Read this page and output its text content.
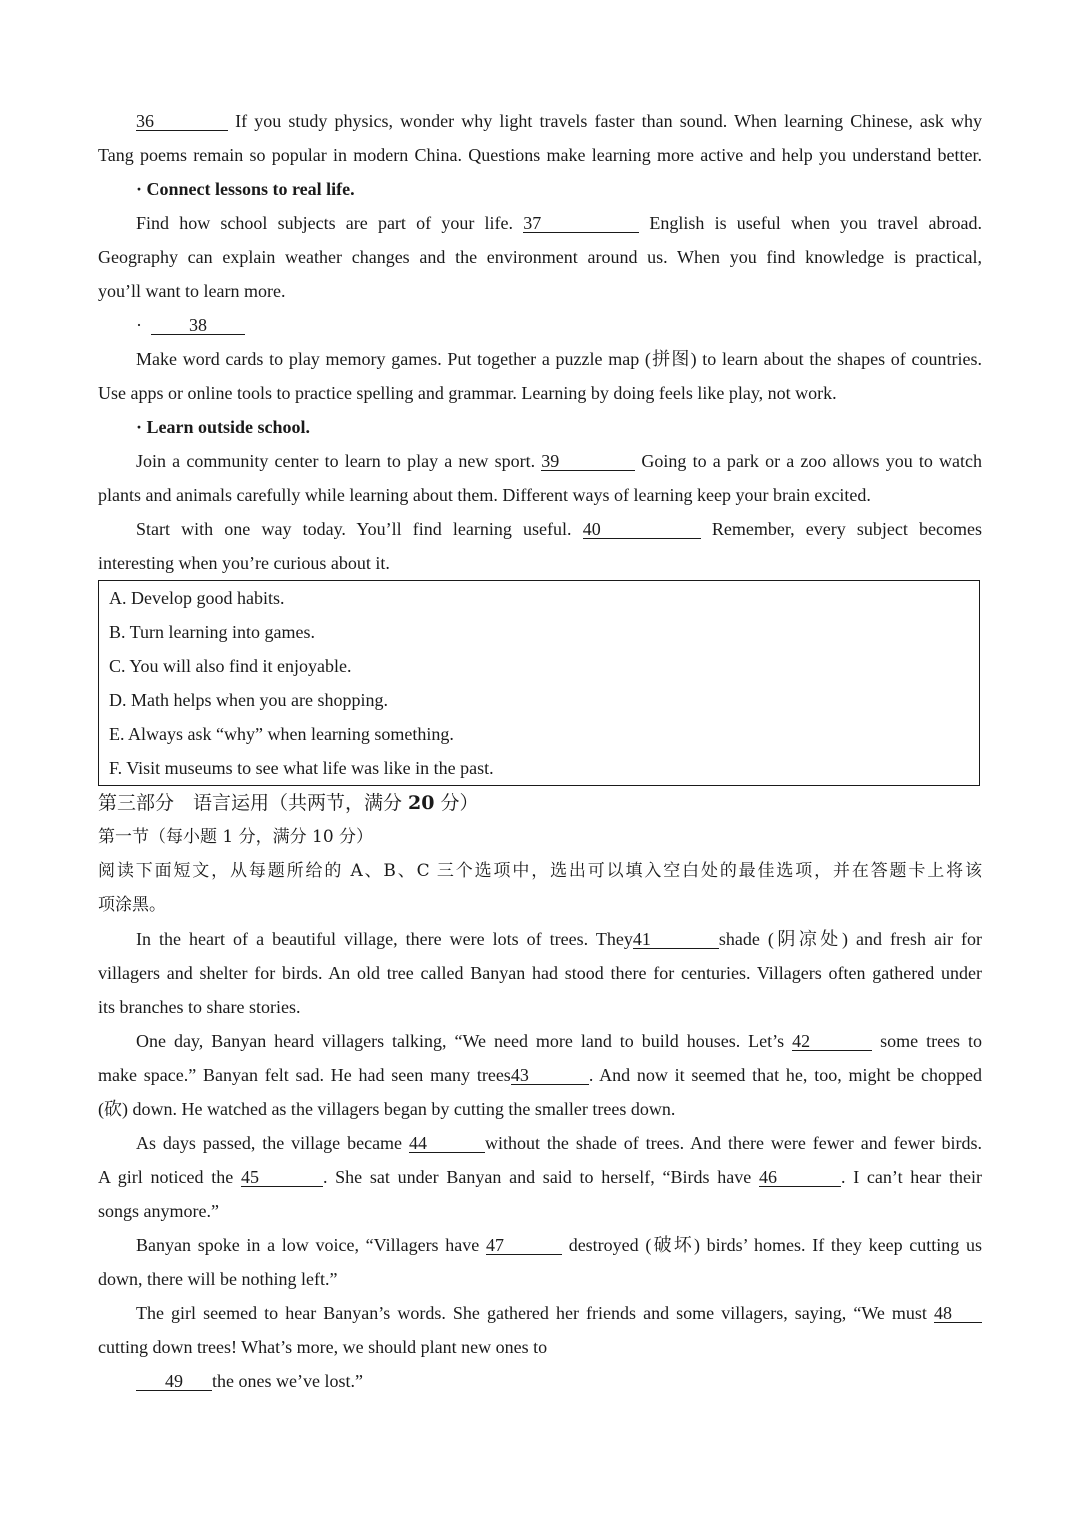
36	If you study physics, wonder why light travels faster than sound. When learning Chinese, ask why
Tang poems remain so popular in modern China. Questions make learning more active and help you understand better.
· Connect lessons to real life.
Find how school subjects are part of your life. 37	English is useful when you travel abroad.
Geography can explain weather changes and the environment around us. When you find knowledge is practical,
you’ll want to learn more.
·	38
Make word cards to play memory games. Put together a puzzle map (拼图) to learn about the shapes of countries.
Use apps or online tools to practice spelling and grammar. Learning by doing feels like play, not work.
· Learn outside school.
Join a community center to learn to play a new sport. 39	Going to a park or a zoo allows you to watch
plants and animals carefully while learning about them. Different ways of learning keep your brain excited.
Start with one way today. You’ll find learning useful. 40	Remember, every subject becomes
interesting when you’re curious about it.
A. Develop good habits.
B. Turn learning into games.
C. You will also find it enjoyable.
D. Math helps when you are shopping.
E. Always ask “why” when learning something.
F. Visit museums to see what life was like in the past.
第三部分　语言运用（共两节，满分 20 分）
第一节（每小题 1 分，满分 10 分）
阅读下面短文，从每题所给的 A、B、C 三个选项中，选出可以填入空白处的最佳选项，并在答题卡上将该
项涂黑。
In the heart of a beautiful village, there were lots of trees. They41	shade (阴凉处) and fresh air for
villagers and shelter for birds. An old tree called Banyan had stood there for centuries. Villagers often gathered under
its branches to share stories.
One day, Banyan heard villagers talking, “We need more land to build houses. Let’s 42	some trees to
make space.” Banyan felt sad. He had seen many trees43	. And now it seemed that he, too, might be chopped
(砍) down. He watched as the villagers began by cutting the smaller trees down.
As days passed, the village became 44	without the shade of trees. And there were fewer and fewer birds.
A girl noticed the 45	. She sat under Banyan and said to herself, “Birds have 46	. I can’t hear their
songs anymore.”
Banyan spoke in a low voice, “Villagers have 47	destroyed (破坏) birds’ homes. If they keep cutting us
down, there will be nothing left.”
The girl seemed to hear Banyan’s words. She gathered her friends and some villagers, saying, “We must 48
cutting down trees! What’s more, we should plant new ones to
49 the ones we’ve lost.”
